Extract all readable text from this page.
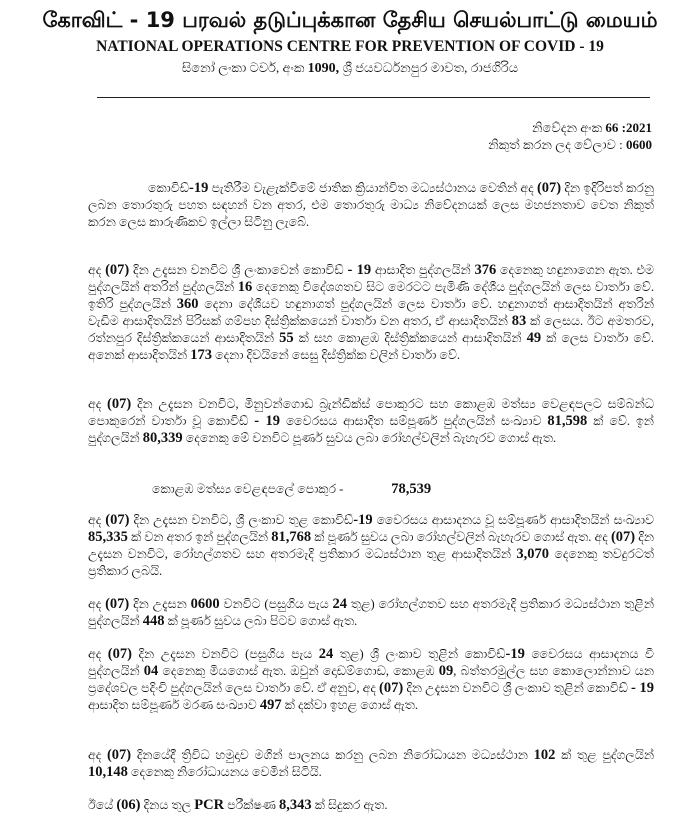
கோவிட் - 19 பரவல் தடுப்புக்கான தேசிய செயல்பாட்டு மையம்
NATIONAL OPERATIONS CENTRE FOR PREVENTION OF COVID - 19
සිනෝ ලංකා ටවර්, අංක 1090, ශ්‍රී ජයවර්ධනපුර මාවත, රාජගිරිය
නිවේදන අංක 66 :2021
නිකුත් කරන ලද වේලාව : 0600
කොවිඩ්-19 පැතිරීම වැළැක්වීමේ ජාතික ක්‍රියාන්විත මධ්‍යස්ථානය වෙතින් අද (07) දින ඉදිරිපත් කරනු ලබන තොරතුරු පහත සඳහන් වන අතර, එම තොරතුරු මාධ්‍ය නිවේදනයක් ලෙස මහජනතාව වෙත නිකුත් කරන ලෙස කාරුණිකව ඉල්ලා සිටිනු ලැබේ.
අද (07) දින උදැසන වනවිට ශ්‍රී ලංකාවෙන් කොවිඩ් - 19 ආසාදිත පුද්ගලයින් 376 දෙනෙකු හඳුනාගෙන ඇත. එම පුද්ගලයින් අතරින් පුද්ගලයින් 16 දෙනෙකු විදේශගතව සිට මෙරටට පැමිණි දේශීය පුද්ගලයින් ලෙස වාර්තා වේ. ඉතිරි පුද්ගලයින් 360 දෙනා දේශීයව හඳුනාගත් පුද්ගලයින් ලෙස වාර්තා වේ. හඳුනාගත් ආසාදිතයින් අතරින් වැඩිම ආසාදිතයින් පිරිසක් ගම්පහ දිස්ත්‍රික්කයෙන් වාර්තා වන අතර, ඒ ආසාදිතයින් 83 ක් ලෙසය. ඊට අමතරව, රත්නපුර දිස්ත්‍රික්කයෙන් ආසාදිතයින් 55 ක් සහ කොළඹ දිස්ත්‍රික්කයෙන් ආසාදිතයින් 49 ක් ලෙස වාර්තා වේ. අනෙක් ආසාදිතයින් 173 දෙනා දිවයිනේ සෙසු දිස්ත්‍රික්ක වලින් වාර්තා වේ.
අද (07) දින උදැසන වනවිට, මිනුවන්ගොඩ බ්‍රැන්ඩික්ස් පොකුරට සහ කොළඹ මත්ස්‍ය වෙළඳපලට සම්බන්ධ පොකුරෙන් වාර්තා වූ කොවිඩ් - 19 වෛරසය ආසාදිත සම්පූර්ණ පුද්ගලයින් සංඛ්‍යාව 81,598 ක් වේ. ඉන් පුද්ගලයින් 80,339 දෙනෙකු මේ වනවිට පූර්ණ සුවය ලබා රෝහල්වලින් බැහැරව ගොස් ඇත.
කොළඹ මත්ස්‍ය වෙළඳපලේ පොකුර -	78,539
අද (07) දින උදැසන වනවිට, ශ්‍රී ලංකාව තුළ කොවිඩ්-19 වෛරසය ආසාදනය වූ සම්පූර්ණ ආසාදිතයින් සංඛ්‍යාව 85,335 ක් වන අතර ඉන් පුද්ගලයින් 81,768 ක් පූර්ණ සුවය ලබා රෝහල්වලින් බැහැරව ගොස් ඇත. අද (07) දින උදැසන වනවිට, රෝහල්ගතව සහ අතරමැදි ප්‍රතිකාර මධ්‍යස්ථාන තුළ ආසාදිතයින් 3,070 දෙනෙකු තවදුරටත් ප්‍රතිකාර ලබයි.
අද (07) දින උදැසන 0600 වනවිට (පසුගිය පැය 24 තුළ) රෝහල්ගතව සහ අතරමැදි ප්‍රතිකාර මධ්‍යස්ථාන තුළින් පුද්ගලයින් 448 ක් පූර්ණ සුවය ලබා පිටව ගොස් ඇත.
අද (07) දින උදැසන වනවිට (පසුගිය පැය 24 තුළ) ශ්‍රී ලංකාව තුළින් කොවිඩ්-19 වෛරසය ආසාදනය වී පුද්ගලයින් 04 දෙනෙකු මියගොස් ඇත. ඔවුන් දොඩම්ගොඩ, කොළඹ 09, බත්තරමුල්ල සහ කොලොන්නාව යන ප්‍රදේශවල පදිංචි පුද්ගලයින් ලෙස වාර්තා වේ. ඒ අනුව, අද (07) දින උදැසන වනවිට ශ්‍රී ලංකාව තුළින් කොවිඩ් - 19 ආසාදිත සම්පූර්ණ මරණ සංඛ්‍යාව 497 ක් දක්වා ඉහළ ගොස් ඇත.
අද (07) දිනයේදී ත්‍රිවිධ හමුදාව මගින් පාලනය කරනු ලබන නිරෝධායන මධ්‍යස්ථාන 102 ක් තුළ පුද්ගලයින් 10,148 දෙනෙකු නිරෝධායනය වෙමින් සිටියි.
ඊයේ (06) දිනය තුල PCR පරීක්ෂණ 8,343 ක් සිදුකර ඇත.
